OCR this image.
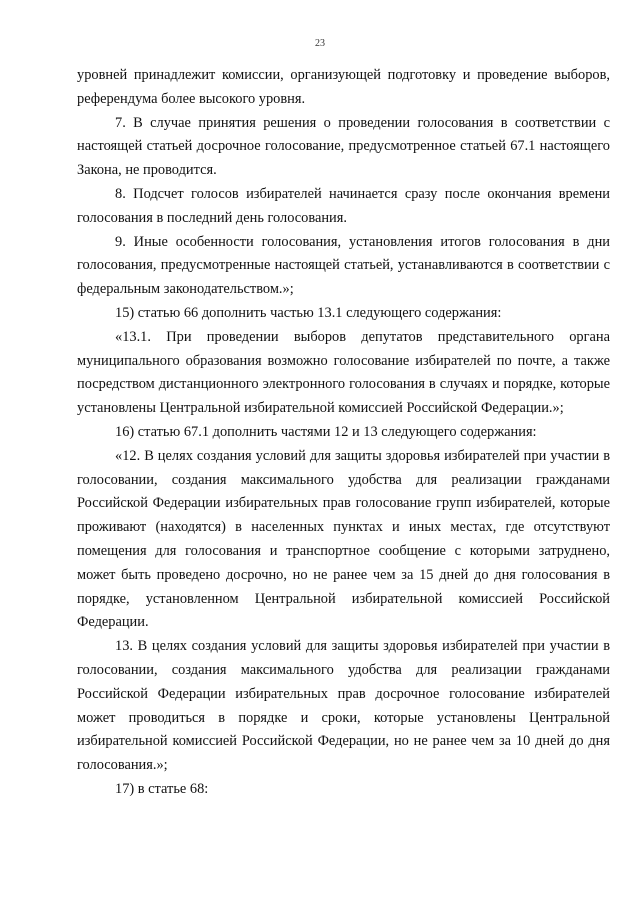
23

уровней принадлежит комиссии, организующей подготовку и проведение выборов, референдума более высокого уровня.

7. В случае принятия решения о проведении голосования в соответствии с настоящей статьей досрочное голосование, предусмотренное статьей 67.1 настоящего Закона, не проводится.

8. Подсчет голосов избирателей начинается сразу после окончания времени голосования в последний день голосования.

9. Иные особенности голосования, установления итогов голосования в дни голосования, предусмотренные настоящей статьей, устанавливаются в соответствии с федеральным законодательством.»;

15) статью 66 дополнить частью 13.1 следующего содержания:

«13.1. При проведении выборов депутатов представительного органа муниципального образования возможно голосование избирателей по почте, а также посредством дистанционного электронного голосования в случаях и порядке, которые установлены Центральной избирательной комиссией Российской Федерации.»;

16) статью 67.1 дополнить частями 12 и 13 следующего содержания:

«12. В целях создания условий для защиты здоровья избирателей при участии в голосовании, создания максимального удобства для реализации гражданами Российской Федерации избирательных прав голосование групп избирателей, которые проживают (находятся) в населенных пунктах и иных местах, где отсутствуют помещения для голосования и транспортное сообщение с которыми затруднено, может быть проведено досрочно, но не ранее чем за 15 дней до дня голосования в порядке, установленном Центральной избирательной комиссией Российской Федерации.

13. В целях создания условий для защиты здоровья избирателей при участии в голосовании, создания максимального удобства для реализации гражданами Российской Федерации избирательных прав досрочное голосование избирателей может проводиться в порядке и сроки, которые установлены Центральной избирательной комиссией Российской Федерации, но не ранее чем за 10 дней до дня голосования.»;

17) в статье 68:
